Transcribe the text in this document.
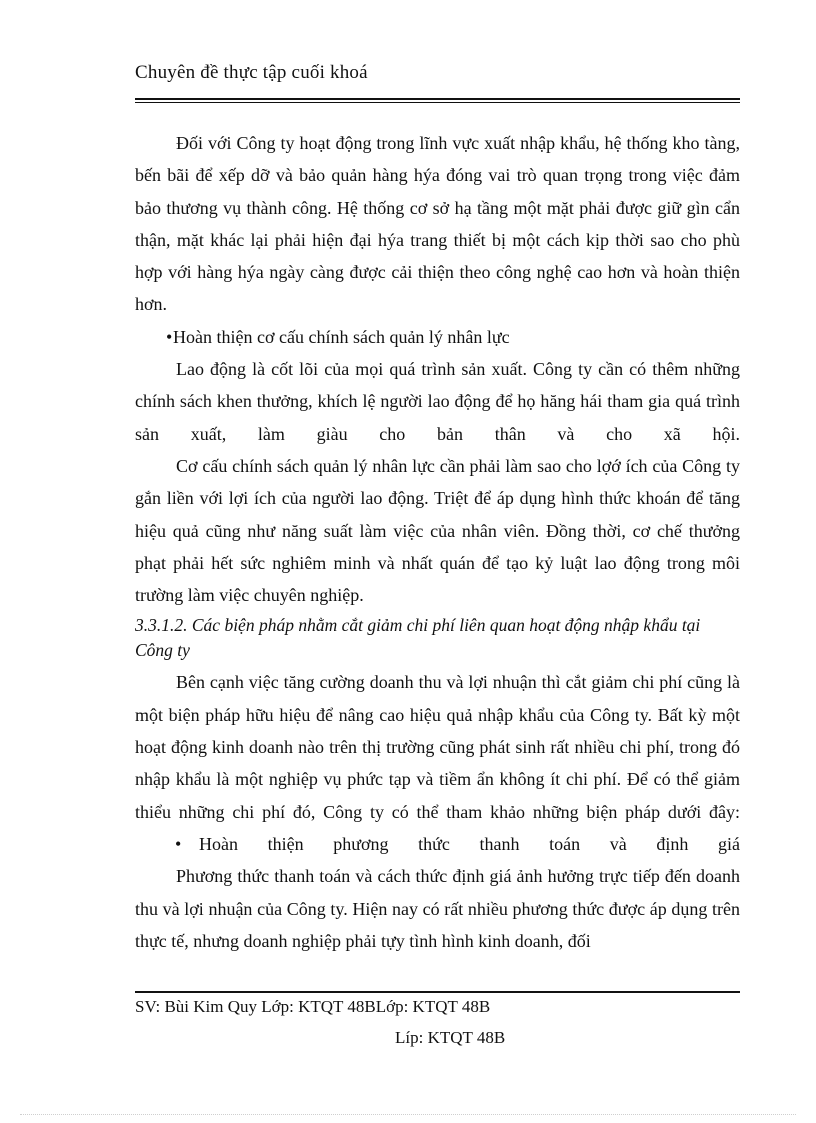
Chuyên đề thực tập cuối khoá

Đối với Công ty hoạt động trong lĩnh vực xuất nhập khẩu, hệ thống kho tàng, bến bãi để xếp dỡ và bảo quản hàng hýa đóng vai trò quan trọng trong việc đảm bảo thương vụ thành công. Hệ thống cơ sở hạ tầng một mặt phải được giữ gìn cẩn thận, mặt khác lại phải hiện đại hýa trang thiết bị một cách kịp thời sao cho phù hợp với hàng hýa ngày càng được cải thiện theo công nghệ cao hơn và hoàn thiện hơn.

• Hoàn thiện cơ cấu chính sách quản lý nhân lực

Lao động là cốt lõi của mọi quá trình sản xuất. Công ty cần có thêm những chính sách khen thưởng, khích lệ người lao động để họ hăng hái tham gia quá trình sản xuất, làm giàu cho bản thân và cho xã hội.

Cơ cấu chính sách quản lý nhân lực cần phải làm sao cho lợớ ích của Công ty gắn liền với lợi ích của người lao động. Triệt để áp dụng hình thức khoán để tăng hiệu quả cũng như năng suất làm việc của nhân viên. Đồng thời, cơ chế thưởng phạt phải hết sức nghiêm minh và nhất quán để tạo kỷ luật lao động trong môi trường làm việc chuyên nghiệp.

3.3.1.2. Các biện pháp nhằm cắt giảm chi phí liên quan hoạt động nhập khẩu tại Công ty

Bên cạnh việc tăng cường doanh thu và lợi nhuận thì cắt giảm chi phí cũng là một biện pháp hữu hiệu để nâng cao hiệu quả nhập khẩu của Công ty. Bất kỳ một hoạt động kinh doanh nào trên thị trường cũng phát sinh rất nhiều chi phí, trong đó nhập khẩu là một nghiệp vụ phức tạp và tiềm ẩn không ít chi phí. Để có thể giảm thiểu những chi phí đó, Công ty có thể tham khảo những biện pháp dưới đây:

• Hoàn thiện phương thức thanh toán và định giá

Phương thức thanh toán và cách thức định giá ảnh hưởng trực tiếp đến doanh thu và lợi nhuận của Công ty. Hiện nay có rất nhiều phương thức được áp dụng trên thực tế, nhưng doanh nghiệp phải tựy tình hình kinh doanh, đối

SV: Bùi Kim Quy Lớp: KTQT 48BLớp: KTQT 48B
Líp: KTQT 48B
